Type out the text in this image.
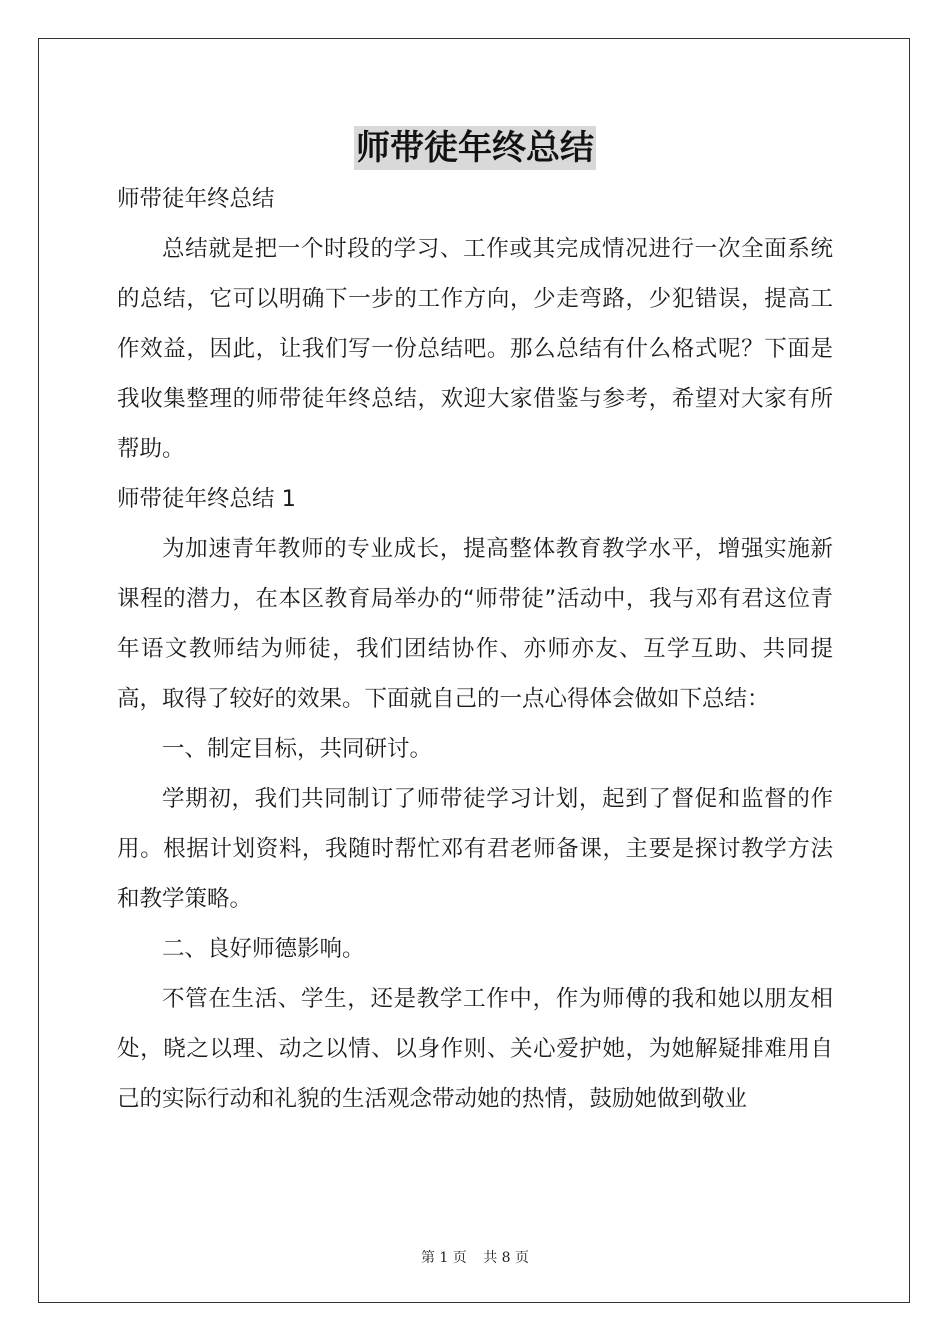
师带徒年终总结

师带徒年终总结

总结就是把一个时段的学习、工作或其完成情况进行一次全面系统的总结，它可以明确下一步的工作方向，少走弯路，少犯错误，提高工作效益，因此，让我们写一份总结吧。那么总结有什么格式呢？下面是我收集整理的师带徒年终总结，欢迎大家借鉴与参考，希望对大家有所帮助。

师带徒年终总结 1

为加速青年教师的专业成长，提高整体教育教学水平，增强实施新课程的潜力，在本区教育局举办的“师带徒”活动中，我与邓有君这位青年语文教师结为师徒，我们团结协作、亦师亦友、互学互助、共同提高，取得了较好的效果。下面就自己的一点心得体会做如下总结：

一、制定目标，共同研讨。

学期初，我们共同制订了师带徒学习计划，起到了督促和监督的作用。根据计划资料，我随时帮忙邓有君老师备课，主要是探讨教学方法和教学策略。

二、良好师德影响。

不管在生活、学生，还是教学工作中，作为师傅的我和她以朋友相处，晓之以理、动之以情、以身作则、关心爱护她，为她解疑排难用自己的实际行动和礼貌的生活观念带动她的热情，鼓励她做到敬业

第 1 页 共 8 页
